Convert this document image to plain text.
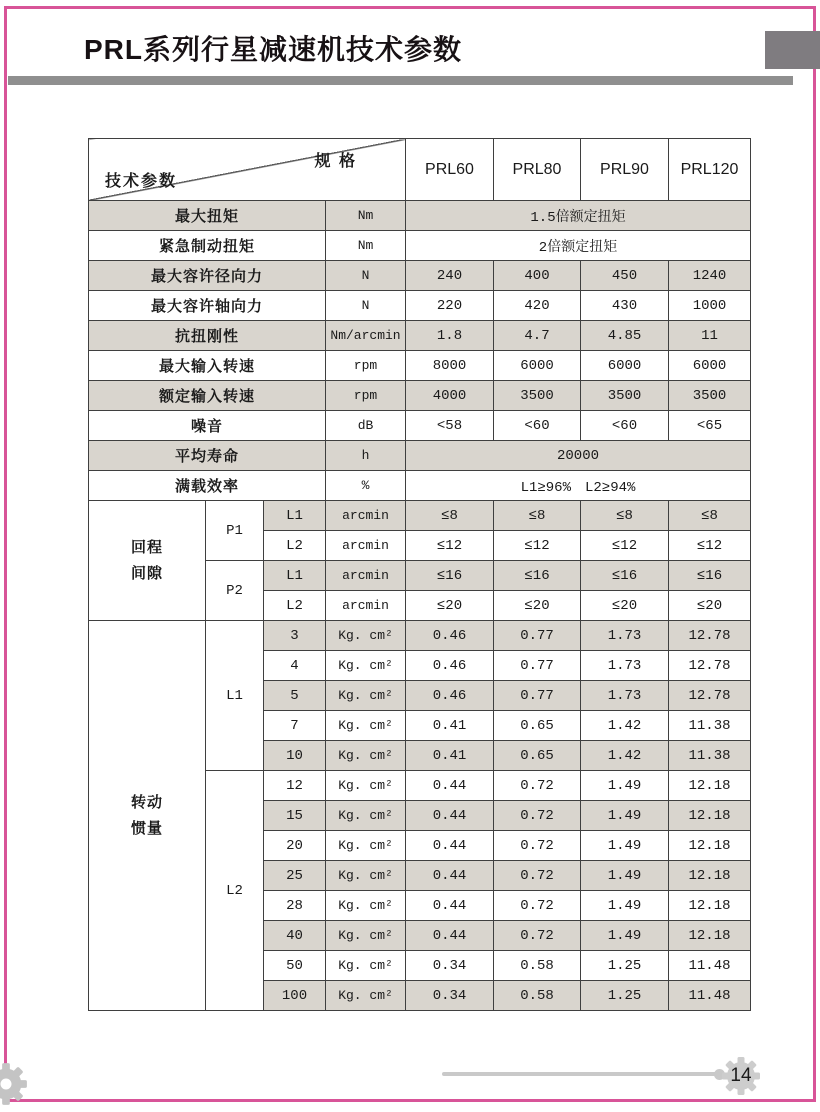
PRL系列行星减速机技术参数
规 格
技术参数				PRL60	PRL80	PRL90	PRL120
最大扭矩			Nm	1.5倍额定扭矩			
紧急制动扭矩			Nm	2倍额定扭矩			
最大容许径向力			N	240	400	450	1240
最大容许轴向力			N	220	420	430	1000
抗扭刚性			Nm/arcmin	1.8	4.7	4.85	11
最大输入转速			rpm	8000	6000	6000	6000
额定输入转速			rpm	4000	3500	3500	3500
噪音			dB	<58	<60	<60	<65
平均寿命			h	20000			
满载效率			%	L1≥96%　L2≥94%			

回程
间隙	P1	L1	arcmin	≤8	≤8	≤8	≤8
		L2	arcmin	≤12	≤12	≤12	≤12
	P2	L1	arcmin	≤16	≤16	≤16	≤16
		L2	arcmin	≤20	≤20	≤20	≤20

转动
惯量	L1	3	Kg. cm²	0.46	0.77	1.73	12.78
		4	Kg. cm²	0.46	0.77	1.73	12.78
		5	Kg. cm²	0.46	0.77	1.73	12.78
		7	Kg. cm²	0.41	0.65	1.42	11.38
		10	Kg. cm²	0.41	0.65	1.42	11.38
	L2	12	Kg. cm²	0.44	0.72	1.49	12.18
		15	Kg. cm²	0.44	0.72	1.49	12.18
		20	Kg. cm²	0.44	0.72	1.49	12.18
		25	Kg. cm²	0.44	0.72	1.49	12.18
		28	Kg. cm²	0.44	0.72	1.49	12.18
		40	Kg. cm²	0.44	0.72	1.49	12.18
		50	Kg. cm²	0.34	0.58	1.25	11.48
		100	Kg. cm²	0.34	0.58	1.25	11.48
14
